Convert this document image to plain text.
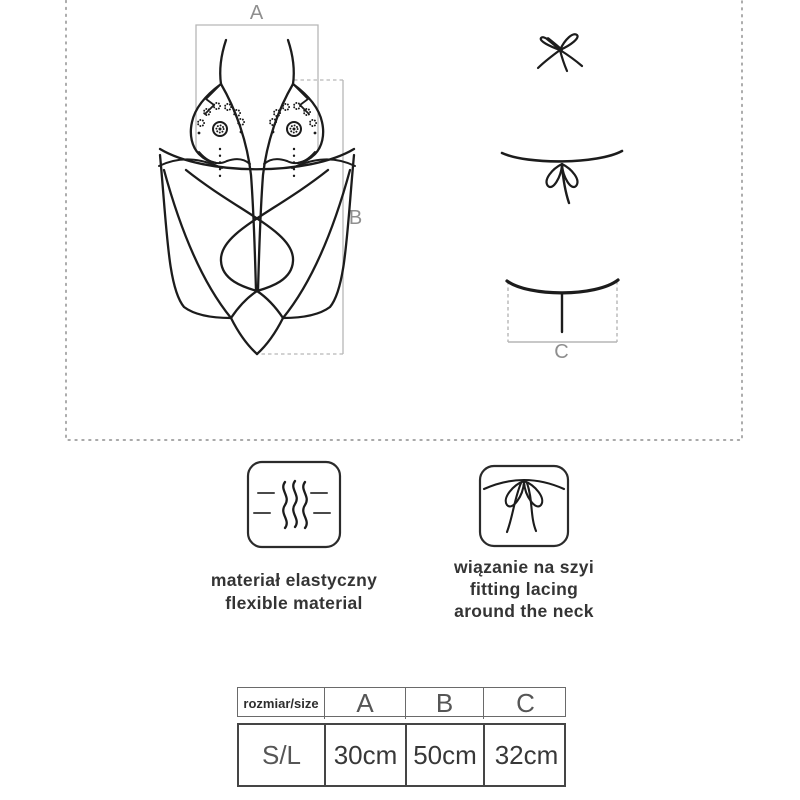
A
B
C
materiał elastyczny
flexible material
wiązanie na szyi
fitting lacing
around the neck
rozmiar/size	A	B	C
S/L	30cm 50cm 32cm
